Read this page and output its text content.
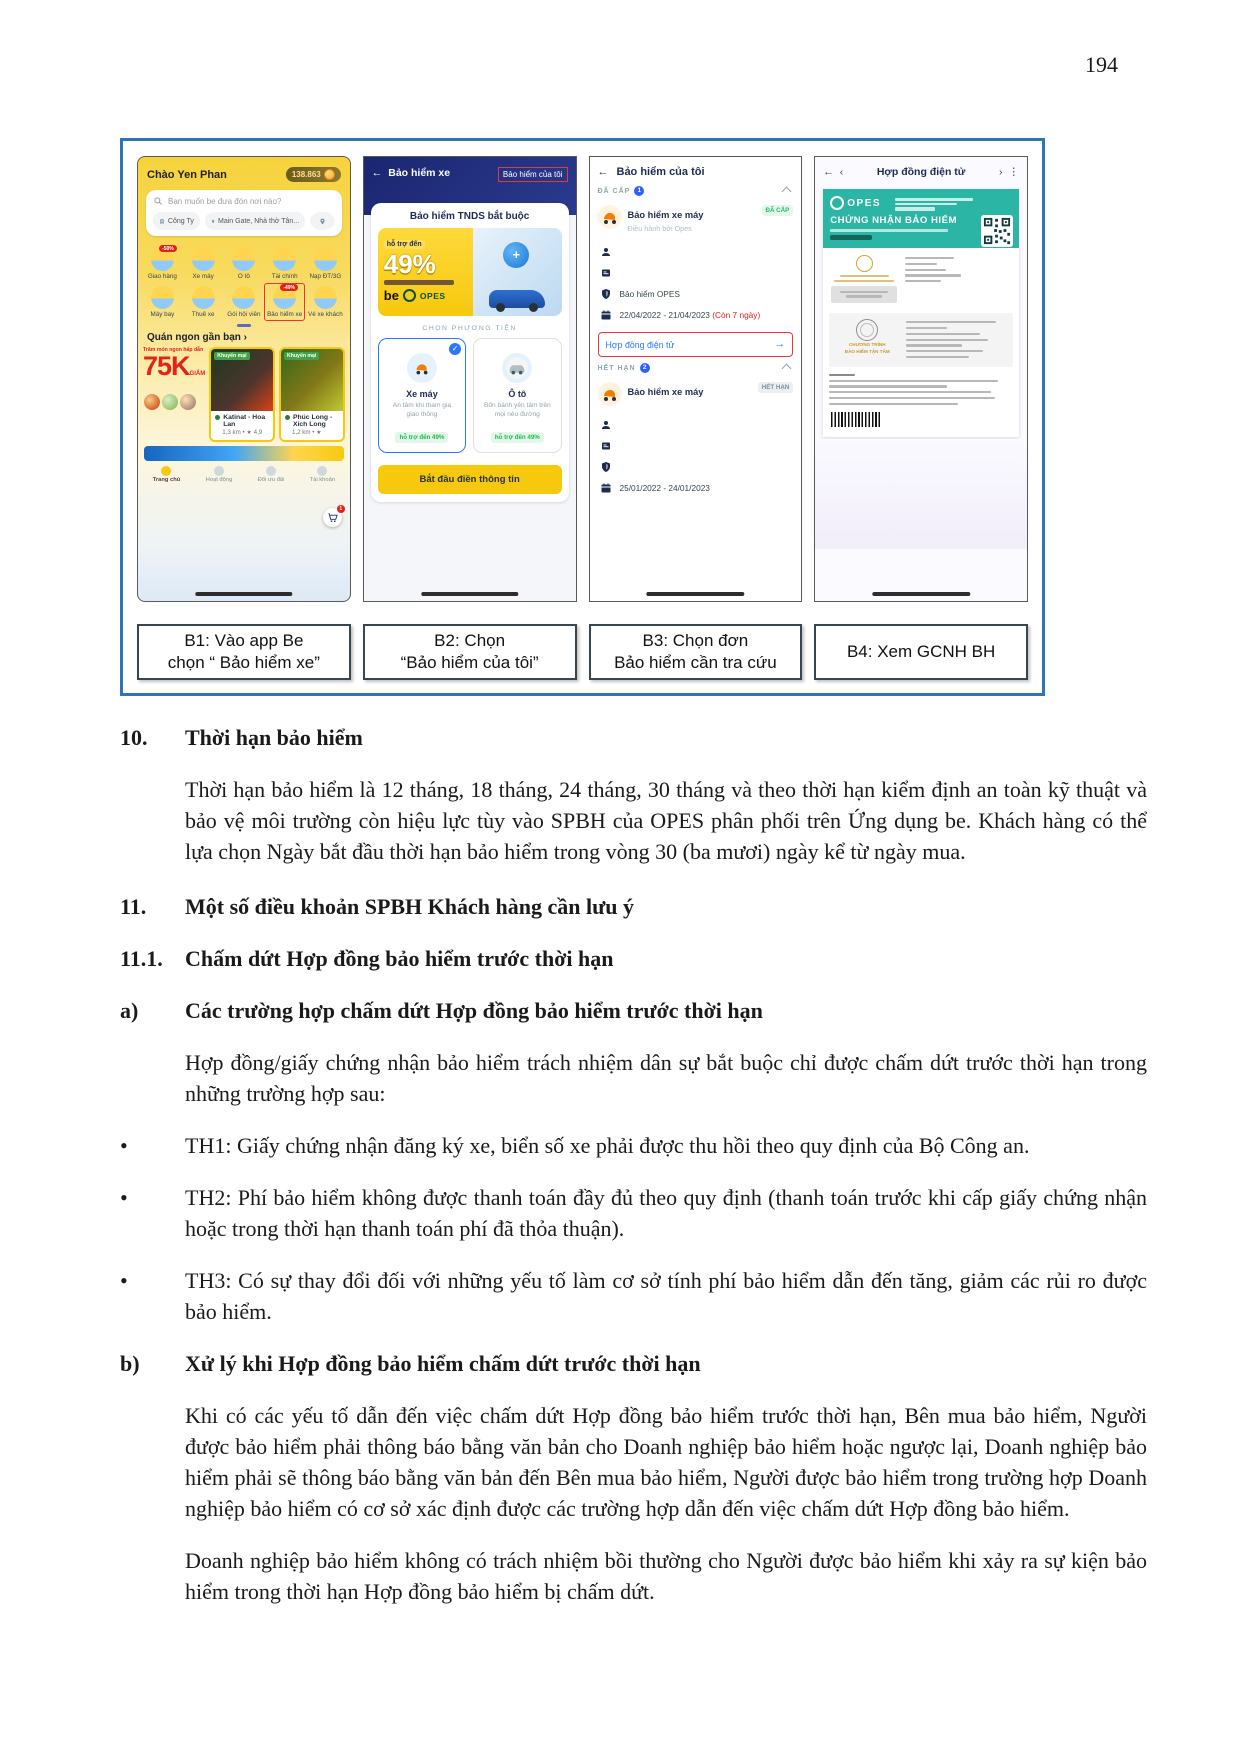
194
Chào Yen Phan	138.863
Bạn muốn be đưa đón nơi nào?
Công Ty	Main Gate, Nhà thờ Tân...
-50%
Giao hàng Xe máy	Ô tô	Tài chính Nạp ĐT/3G
Máy bay	Thuê xe Gói hội viên
-49%
Bảo hiểm xe Vé xe khách
Quán ngon gần bạn ›
Trăm món ngon hấp dẫn
75KGIẢM
Khuyến mại
Katinat - Hoa Lan
1,3 km • ★ 4,9
Khuyến mại
Phúc Long - Xích Long
1,2 km • ★
1
Trang chủ	Hoạt động	Đổi ưu đãi	Tài khoản
B1: Vào app Be
chọn “ Bảo hiểm xe”
← Bảo hiểm xe	Bảo hiểm của tôi
Bảo hiểm TNDS bắt buộc
hỗ trợ đến
49%
be OPES
+
CHỌN PHƯƠNG TIỆN
✓
Xe máy
An tâm khi tham gia giao thông
hỗ trợ đến 49%
Ô tô
Bốn bánh yên tâm trên mọi nẻo đường
hỗ trợ đến 49%
Bắt đầu điền thông tin
B2: Chọn
“Bảo hiểm của tôi”
← Bảo hiểm của tôi
ĐÃ CẤP	1
Bảo hiểm xe máy
Điều hành bởi Opes
ĐÃ CẤP
Bảo hiểm OPES
22/04/2022 - 21/04/2023 (Còn 7 ngày)
Hợp đồng điện tử	→
HẾT HẠN	2
Bảo hiểm xe máy	HẾT HẠN
25/01/2022 - 24/01/2023
B3: Chọn đơn
Bảo hiểm cần tra cứu
← ‹	Hợp đồng điện tử	› ⋮
OPES
CHỨNG NHẬN BẢO HIỂM
CHƯƠNG TRÌNH
BẢO HIỂM TẬN TÂM
B4: Xem GCNH BH
10.	Thời hạn bảo hiểm
Thời hạn bảo hiểm là 12 tháng, 18 tháng, 24 tháng, 30 tháng và theo thời hạn kiểm định an toàn kỹ thuật và bảo vệ môi trường còn hiệu lực tùy vào SPBH của OPES phân phối trên Ứng dụng be. Khách hàng có thể lựa chọn Ngày bắt đầu thời hạn bảo hiểm trong vòng 30 (ba mươi) ngày kể từ ngày mua.
11.	Một số điều khoản SPBH Khách hàng cần lưu ý
11.1.	Chấm dứt Hợp đồng bảo hiểm trước thời hạn
a)	Các trường hợp chấm dứt Hợp đồng bảo hiểm trước thời hạn
Hợp đồng/giấy chứng nhận bảo hiểm trách nhiệm dân sự bắt buộc chỉ được chấm dứt trước thời hạn trong những trường hợp sau:
•	TH1: Giấy chứng nhận đăng ký xe, biển số xe phải được thu hồi theo quy định của Bộ Công an.
•	TH2: Phí bảo hiểm không được thanh toán đầy đủ theo quy định (thanh toán trước khi cấp giấy chứng nhận hoặc trong thời hạn thanh toán phí đã thỏa thuận).
•	TH3: Có sự thay đổi đối với những yếu tố làm cơ sở tính phí bảo hiểm dẫn đến tăng, giảm các rủi ro được bảo hiểm.
b)	Xử lý khi Hợp đồng bảo hiểm chấm dứt trước thời hạn
Khi có các yếu tố dẫn đến việc chấm dứt Hợp đồng bảo hiểm trước thời hạn, Bên mua bảo hiểm, Người được bảo hiểm phải thông báo bằng văn bản cho Doanh nghiệp bảo hiểm hoặc ngược lại, Doanh nghiệp bảo hiểm phải sẽ thông báo bằng văn bản đến Bên mua bảo hiểm, Người được bảo hiểm trong trường hợp Doanh nghiệp bảo hiểm có cơ sở xác định được các trường hợp dẫn đến việc chấm dứt Hợp đồng bảo hiểm.
Doanh nghiệp bảo hiểm không có trách nhiệm bồi thường cho Người được bảo hiểm khi xảy ra sự kiện bảo hiểm trong thời hạn Hợp đồng bảo hiểm bị chấm dứt.
